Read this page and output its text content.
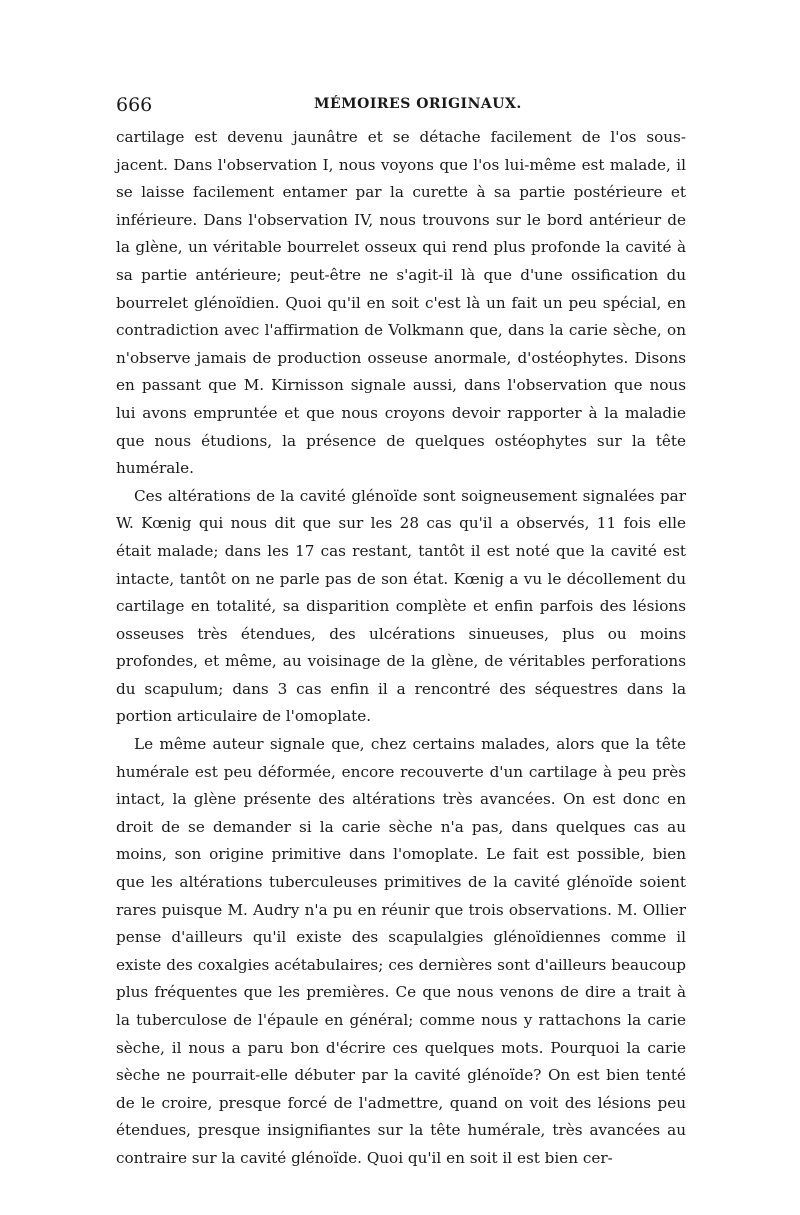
666	MÉMOIRES ORIGINAUX.

cartilage est devenu jaunâtre et se détache facilement de l'os sous-jacent. Dans l'observation I, nous voyons que l'os lui-même est malade, il se laisse facilement entamer par la curette à sa partie postérieure et inférieure. Dans l'observation IV, nous trouvons sur le bord antérieur de la glène, un véritable bourrelet osseux qui rend plus profonde la cavité à sa partie antérieure; peut-être ne s'agit-il là que d'une ossification du bourrelet glénoïdien. Quoi qu'il en soit c'est là un fait un peu spécial, en contradiction avec l'affirmation de Volkmann que, dans la carie sèche, on n'observe jamais de production osseuse anormale, d'ostéophytes. Disons en passant que M. Kirnisson signale aussi, dans l'observation que nous lui avons empruntée et que nous croyons devoir rapporter à la maladie que nous étudions, la présence de quelques ostéophytes sur la tête humérale.

Ces altérations de la cavité glénoïde sont soigneusement signalées par W. Kœnig qui nous dit que sur les 28 cas qu'il a observés, 11 fois elle était malade; dans les 17 cas restant, tantôt il est noté que la cavité est intacte, tantôt on ne parle pas de son état. Kœnig a vu le décollement du cartilage en totalité, sa disparition complète et enfin parfois des lésions osseuses très étendues, des ulcérations sinueuses, plus ou moins profondes, et même, au voisinage de la glène, de véritables perforations du scapulum; dans 3 cas enfin il a rencontré des séquestres dans la portion articulaire de l'omoplate.

Le même auteur signale que, chez certains malades, alors que la tête humérale est peu déformée, encore recouverte d'un cartilage à peu près intact, la glène présente des altérations très avancées. On est donc en droit de se demander si la carie sèche n'a pas, dans quelques cas au moins, son origine primitive dans l'omoplate. Le fait est possible, bien que les altérations tuberculeuses primitives de la cavité glénoïde soient rares puisque M. Audry n'a pu en réunir que trois observations. M. Ollier pense d'ailleurs qu'il existe des scapulalgies glénoïdiennes comme il existe des coxalgies acétabulaires; ces dernières sont d'ailleurs beaucoup plus fréquentes que les premières. Ce que nous venons de dire a trait à la tuberculose de l'épaule en général; comme nous y rattachons la carie sèche, il nous a paru bon d'écrire ces quelques mots. Pourquoi la carie sèche ne pourrait-elle débuter par la cavité glénoïde? On est bien tenté de le croire, presque forcé de l'admettre, quand on voit des lésions peu étendues, presque insignifiantes sur la tête humérale, très avancées au contraire sur la cavité glénoïde. Quoi qu'il en soit il est bien cer-
